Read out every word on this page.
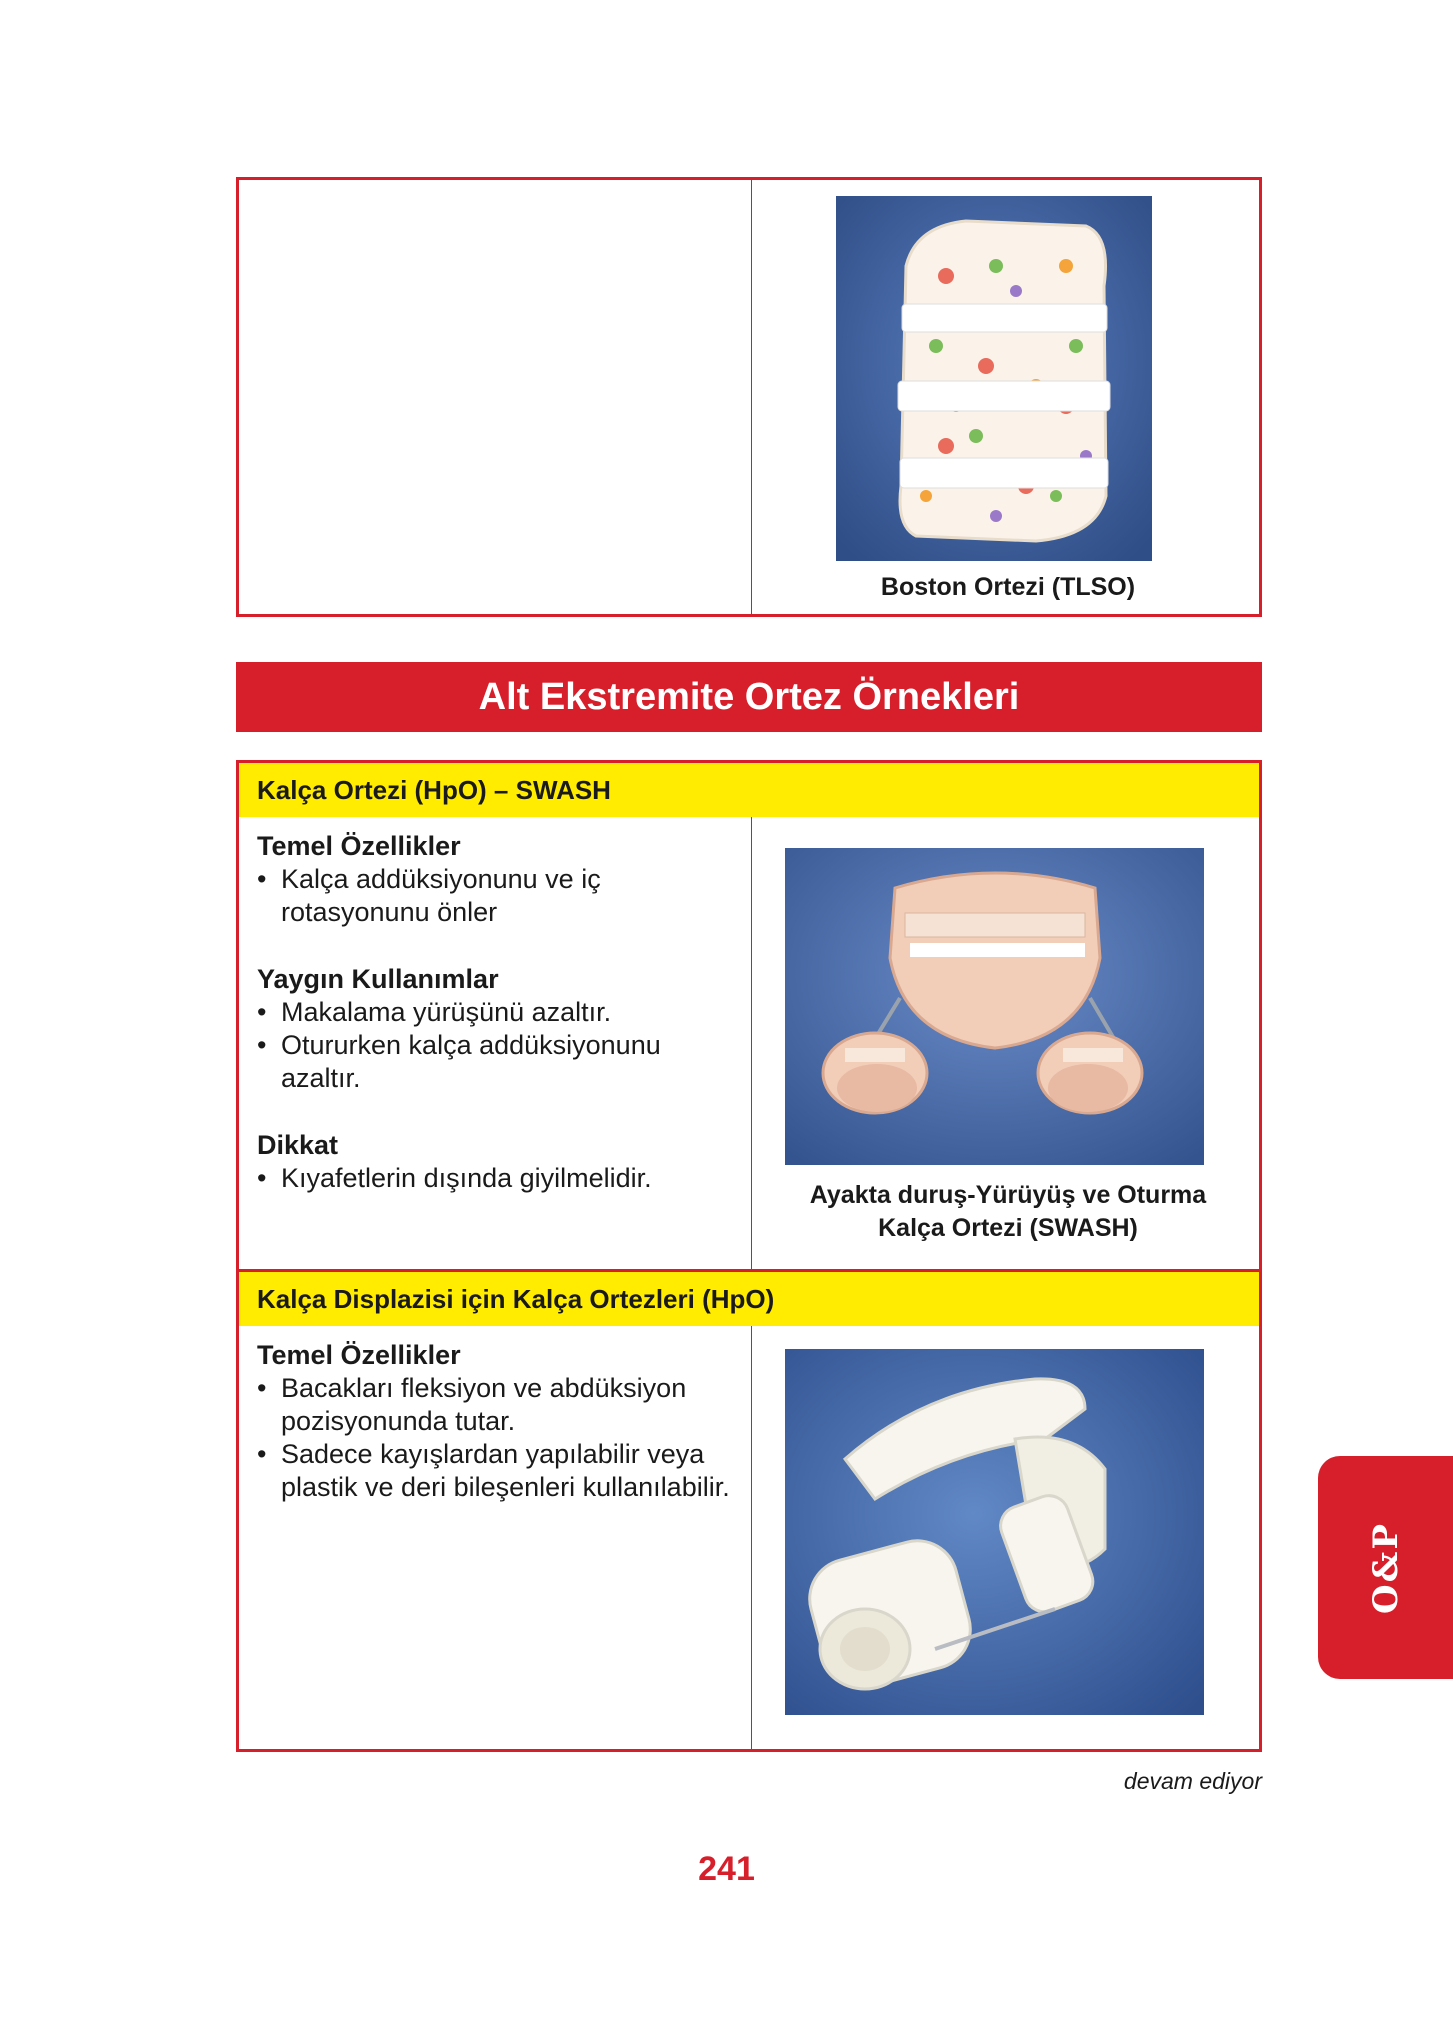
Boston Ortezi (TLSO)
Alt Ekstremite Ortez Örnekleri
Kalça Ortezi (HpO) – SWASH
Temel Özellikler
• Kalça addüksiyonunu ve iç rotasyonunu önler
Yaygın Kullanımlar
• Makalama yürüşünü azaltır.
• Otururken kalça addüksiyonunu azaltır.
Dikkat
• Kıyafetlerin dışında giyilmelidir.
Ayakta duruş-Yürüyüş ve Oturma
Kalça Ortezi (SWASH)
Kalça Displazisi için Kalça Ortezleri (HpO)
Temel Özellikler
• Bacakları fleksiyon ve abdüksiyon pozisyonunda tutar.
• Sadece kayışlardan yapılabilir veya plastik ve deri bileşenleri kullanılabilir.
devam ediyor
241
O&P
